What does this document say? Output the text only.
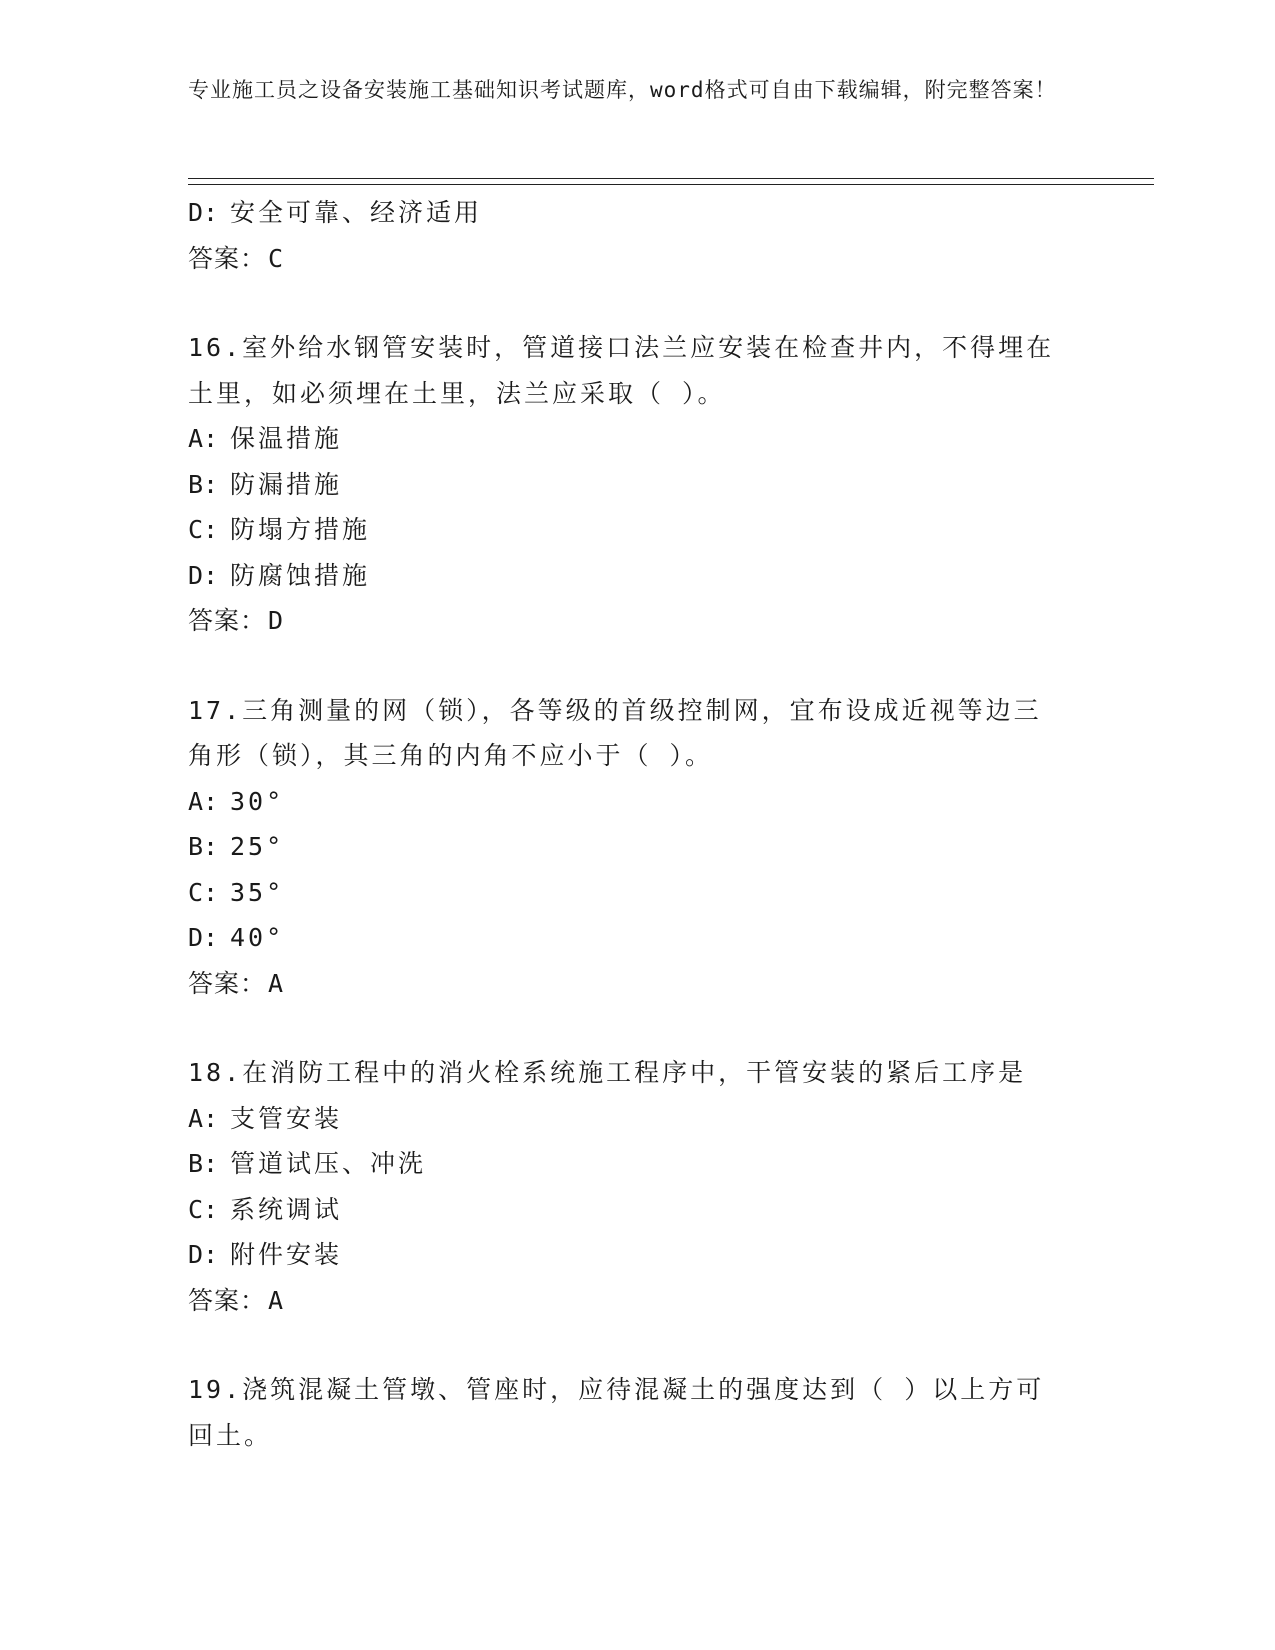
专业施工员之设备安装施工基础知识考试题库，word格式可自由下载编辑，附完整答案！
D: 安全可靠、经济适用
答案：C
16.室外给水钢管安装时，管道接口法兰应安装在检查井内，不得埋在土里，如必须埋在土里，法兰应采取（ ）。
A: 保温措施
B: 防漏措施
C: 防塌方措施
D: 防腐蚀措施
答案：D
17.三角测量的网（锁），各等级的首级控制网，宜布设成近视等边三角形（锁），其三角的内角不应小于（ ）。
A: 30°
B: 25°
C: 35°
D: 40°
答案：A
18.在消防工程中的消火栓系统施工程序中，干管安装的紧后工序是
A: 支管安装
B: 管道试压、冲洗
C: 系统调试
D: 附件安装
答案：A
19.浇筑混凝土管墩、管座时，应待混凝土的强度达到（ ）以上方可回土。
